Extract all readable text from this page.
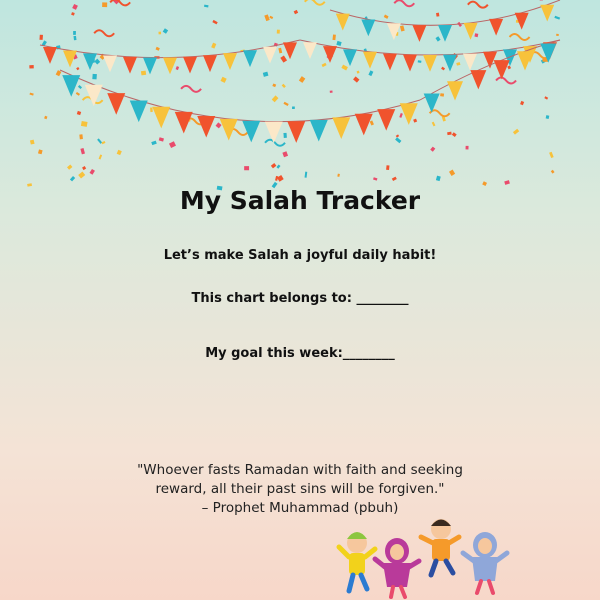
My Salah Tracker
Let’s make Salah a joyful daily habit!
This chart belongs to: ________
My goal this week:________
"Whoever fasts Ramadan with faith and seeking
reward, all their past sins will be forgiven."
– Prophet Muhammad (pbuh)
